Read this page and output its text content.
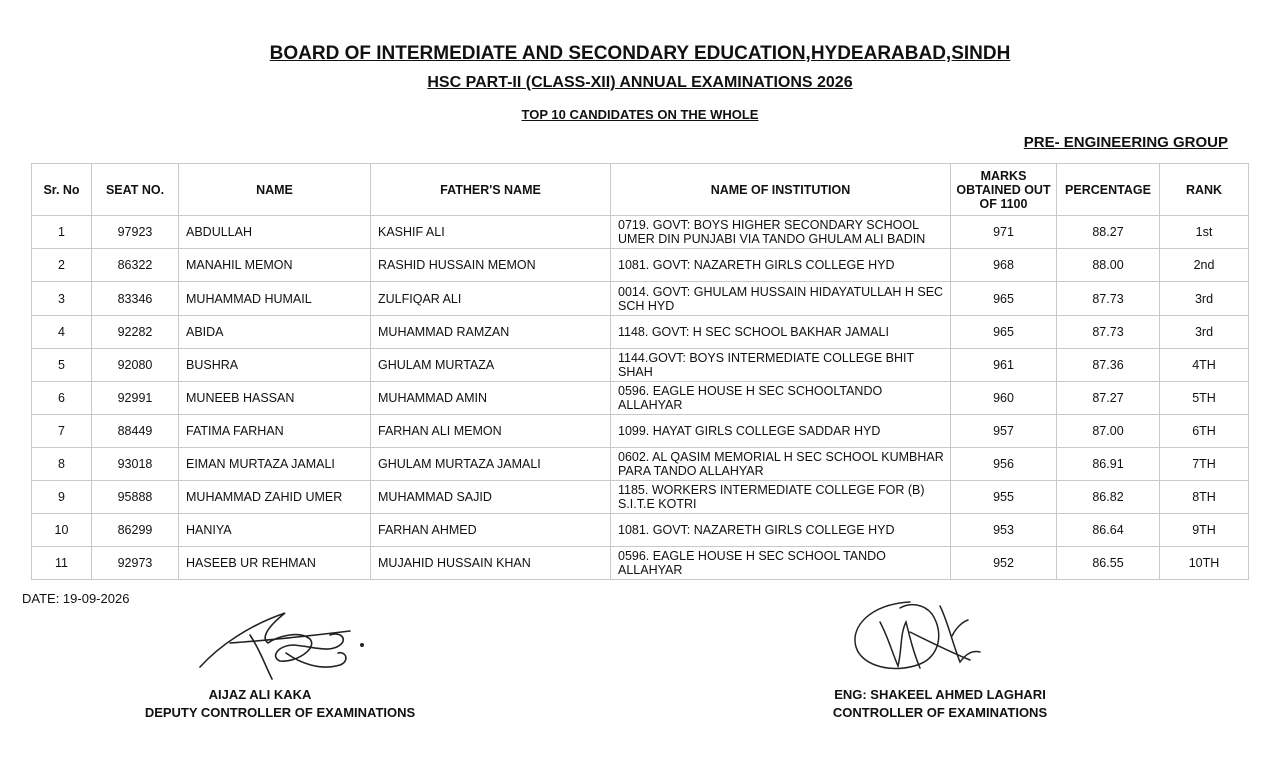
BOARD OF INTERMEDIATE AND SECONDARY EDUCATION,HYDEARABAD,SINDH
HSC PART-II (CLASS-XII) ANNUAL EXAMINATIONS 2026
TOP 10 CANDIDATES ON THE WHOLE
PRE- ENGINEERING GROUP
Sr. No	SEAT NO.	NAME	FATHER'S NAME	NAME OF INSTITUTION	MARKS OBTAINED OUT OF 1100	PERCENTAGE	RANK
1	97923	ABDULLAH	KASHIF ALI	0719. GOVT: BOYS HIGHER SECONDARY SCHOOL UMER DIN PUNJABI VIA TANDO GHULAM ALI BADIN	971	88.27	1st
2	86322	MANAHIL MEMON	RASHID HUSSAIN MEMON	1081. GOVT: NAZARETH GIRLS COLLEGE HYD	968	88.00	2nd
3	83346	MUHAMMAD HUMAIL	ZULFIQAR ALI	0014. GOVT: GHULAM HUSSAIN HIDAYATULLAH H SEC SCH HYD	965	87.73	3rd
4	92282	ABIDA	MUHAMMAD RAMZAN	1148. GOVT: H SEC SCHOOL BAKHAR JAMALI	965	87.73	3rd
5	92080	BUSHRA	GHULAM MURTAZA	1144.GOVT: BOYS INTERMEDIATE COLLEGE BHIT SHAH	961	87.36	4TH
6	92991	MUNEEB HASSAN	MUHAMMAD AMIN	0596. EAGLE HOUSE H SEC SCHOOLTANDO ALLAHYAR	960	87.27	5TH
7	88449	FATIMA FARHAN	FARHAN ALI MEMON	1099. HAYAT GIRLS COLLEGE SADDAR HYD	957	87.00	6TH
8	93018	EIMAN MURTAZA JAMALI	GHULAM MURTAZA JAMALI	0602. AL QASIM MEMORIAL H SEC SCHOOL KUMBHAR PARA TANDO ALLAHYAR	956	86.91	7TH
9	95888	MUHAMMAD ZAHID UMER	MUHAMMAD SAJID	1185. WORKERS INTERMEDIATE COLLEGE FOR (B) S.I.T.E KOTRI	955	86.82	8TH
10	86299	HANIYA	FARHAN AHMED	1081. GOVT: NAZARETH GIRLS COLLEGE HYD	953	86.64	9TH
11	92973	HASEEB UR REHMAN	MUJAHID HUSSAIN KHAN	0596. EAGLE HOUSE H SEC SCHOOL TANDO ALLAHYAR	952	86.55	10TH
DATE: 19-09-2026
AIJAZ ALI KAKA
DEPUTY CONTROLLER OF EXAMINATIONS
ENG: SHAKEEL AHMED LAGHARI
CONTROLLER OF EXAMINATIONS
